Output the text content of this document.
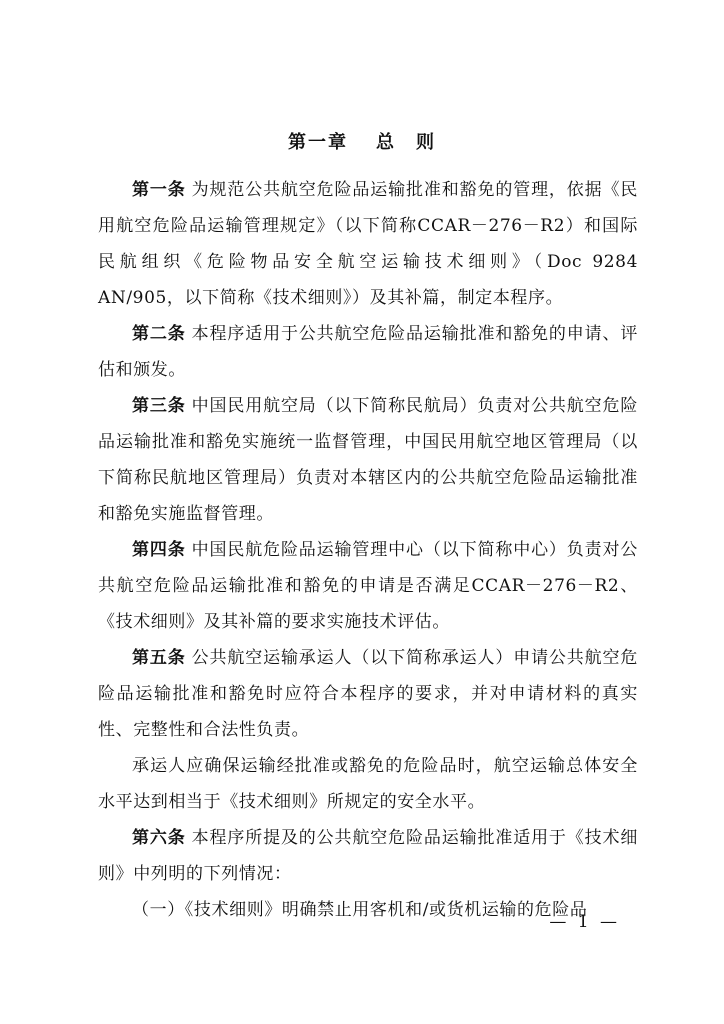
第一章 总　则

第一条 为规范公共航空危险品运输批准和豁免的管理，依据《民用航空危险品运输管理规定》（以下简称CCAR－276－R2）和国际民航组织《危险物品安全航空运输技术细则》（Doc 9284 AN/905，以下简称《技术细则》）及其补篇，制定本程序。

第二条 本程序适用于公共航空危险品运输批准和豁免的申请、评估和颁发。

第三条 中国民用航空局（以下简称民航局）负责对公共航空危险品运输批准和豁免实施统一监督管理，中国民用航空地区管理局（以下简称民航地区管理局）负责对本辖区内的公共航空危险品运输批准和豁免实施监督管理。

第四条 中国民航危险品运输管理中心（以下简称中心）负责对公共航空危险品运输批准和豁免的申请是否满足CCAR－276－R2、《技术细则》及其补篇的要求实施技术评估。

第五条 公共航空运输承运人（以下简称承运人）申请公共航空危险品运输批准和豁免时应符合本程序的要求，并对申请材料的真实性、完整性和合法性负责。

承运人应确保运输经批准或豁免的危险品时，航空运输总体安全水平达到相当于《技术细则》所规定的安全水平。

第六条 本程序所提及的公共航空危险品运输批准适用于《技术细则》中列明的下列情况：

（一）《技术细则》明确禁止用客机和/或货机运输的危险品

— 1 —
